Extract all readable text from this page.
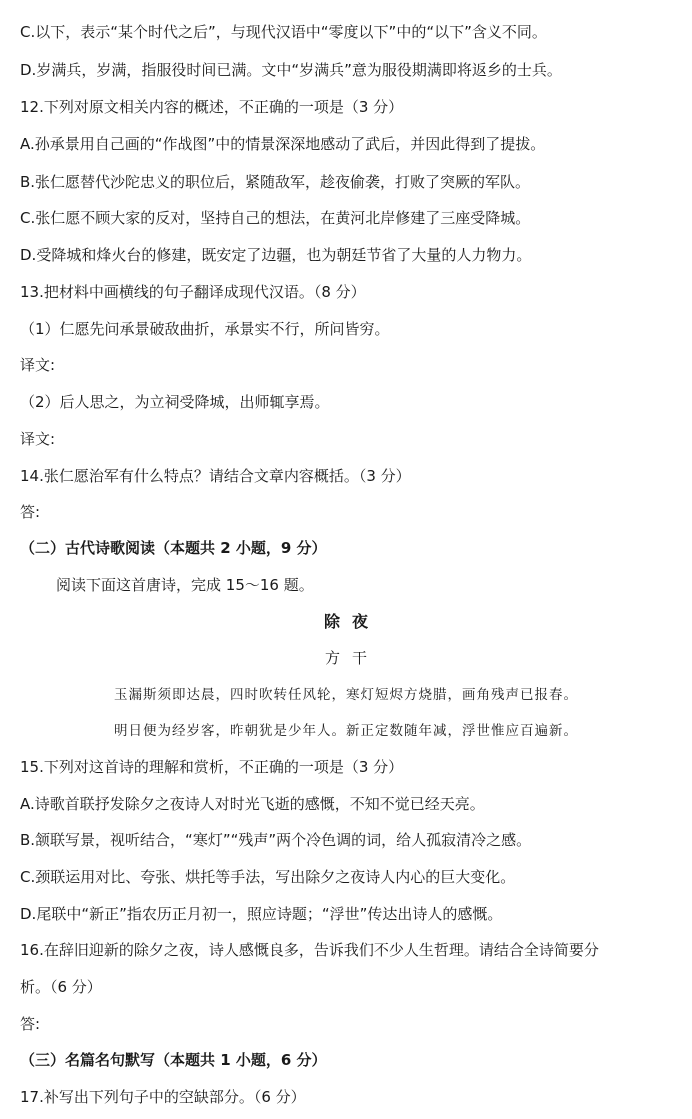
C.以下，表示“某个时代之后”，与现代汉语中“零度以下”中的“以下”含义不同。
D.岁满兵，岁满，指服役时间已满。文中“岁满兵”意为服役期满即将返乡的士兵。
12.下列对原文相关内容的概述，不正确的一项是（3 分）
A.孙承景用自己画的“作战图”中的情景深深地感动了武后，并因此得到了提拔。
B.张仁愿替代沙陀忠义的职位后，紧随敌军，趁夜偷袭，打败了突厥的军队。
C.张仁愿不顾大家的反对，坚持自己的想法，在黄河北岸修建了三座受降城。
D.受降城和烽火台的修建，既安定了边疆，也为朝廷节省了大量的人力物力。
13.把材料中画横线的句子翻译成现代汉语。（8 分）
（1）仁愿先问承景破敌曲折，承景实不行，所问皆穷。
译文:
（2）后人思之，为立祠受降城，出师辄享焉。
译文:
14.张仁愿治军有什么特点？请结合文章内容概括。（3 分）
答:
（二）古代诗歌阅读（本题共 2 小题，9 分）
阅读下面这首唐诗，完成 15～16 题。
除夜
方干
玉漏斯须即达晨，四时吹转任风轮，寒灯短烬方烧腊，画角残声已报春。
明日便为经岁客，昨朝犹是少年人。新正定数随年减，浮世惟应百遍新。
15.下列对这首诗的理解和赏析，不正确的一项是（3 分）
A.诗歌首联抒发除夕之夜诗人对时光飞逝的感慨，不知不觉已经天亮。
B.颔联写景，视听结合，“寒灯”“残声”两个冷色调的词，给人孤寂清冷之感。
C.颈联运用对比、夸张、烘托等手法，写出除夕之夜诗人内心的巨大变化。
D.尾联中“新正”指农历正月初一，照应诗题；“浮世”传达出诗人的感慨。
16.在辞旧迎新的除夕之夜，诗人感慨良多，告诉我们不少人生哲理。请结合全诗简要分
析。（6 分）
答:
（三）名篇名句默写（本题共 1 小题，6 分）
17.补写出下列句子中的空缺部分。（6 分）
